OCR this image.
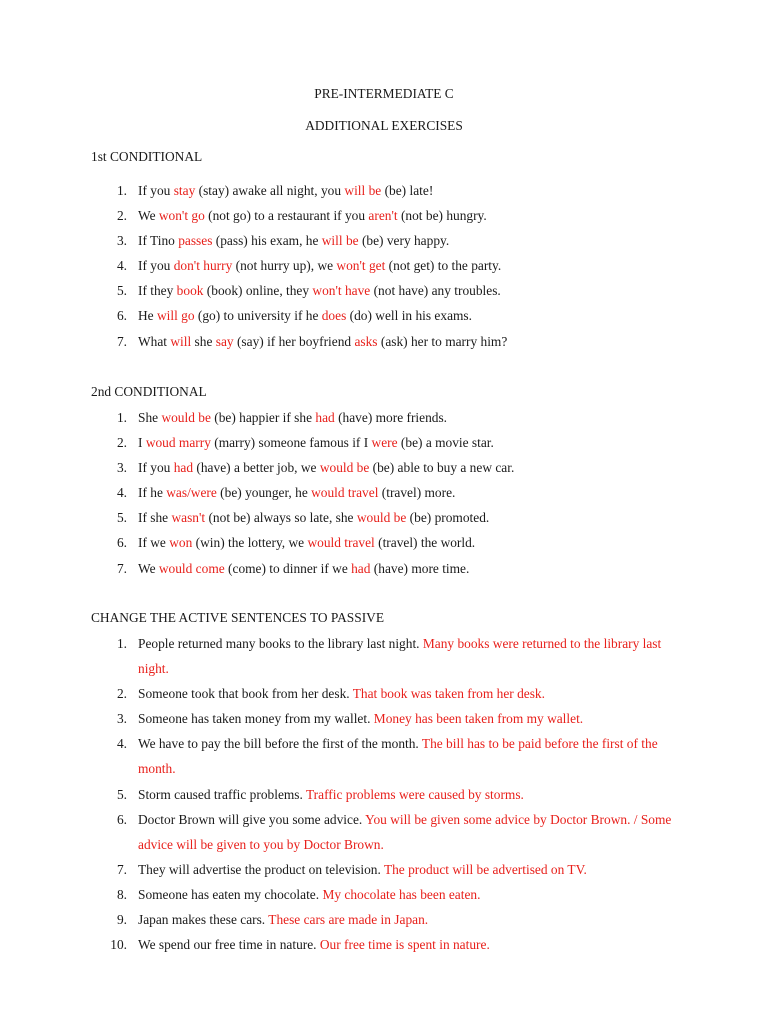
PRE-INTERMEDIATE C
ADDITIONAL EXERCISES
1st CONDITIONAL
1. If you stay (stay) awake all night, you will be (be) late!
2. We won't go (not go) to a restaurant if you aren't (not be) hungry.
3. If Tino passes (pass) his exam, he will be (be) very happy.
4. If you don't hurry (not hurry up), we won't get (not get) to the party.
5. If they book (book) online, they won't have (not have) any troubles.
6. He will go (go) to university if he does (do) well in his exams.
7. What will she say (say) if her boyfriend asks (ask) her to marry him?
2nd CONDITIONAL
1. She would be (be) happier if she had (have) more friends.
2. I woud marry (marry) someone famous if I were (be) a movie star.
3. If you had (have) a better job, we would be (be) able to buy a new car.
4. If he was/were (be) younger, he would travel (travel) more.
5. If she wasn't (not be) always so late, she would be (be) promoted.
6. If we won (win) the lottery, we would travel (travel) the world.
7. We would come (come) to dinner if we had (have) more time.
CHANGE THE ACTIVE SENTENCES TO PASSIVE
1. People returned many books to the library last night. Many books were returned to the library last night.
2. Someone took that book from her desk. That book was taken from her desk.
3. Someone has taken money from my wallet. Money has been taken from my wallet.
4. We have to pay the bill before the first of the month. The bill has to be paid before the first of the month.
5. Storm caused traffic problems. Traffic problems were caused by storms.
6. Doctor Brown will give you some advice. You will be given some advice by Doctor Brown. / Some advice will be given to you by Doctor Brown.
7. They will advertise the product on television. The product will be advertised on TV.
8. Someone has eaten my chocolate. My chocolate has been eaten.
9. Japan makes these cars. These cars are made in Japan.
10. We spend our free time in nature. Our free time is spent in nature.
